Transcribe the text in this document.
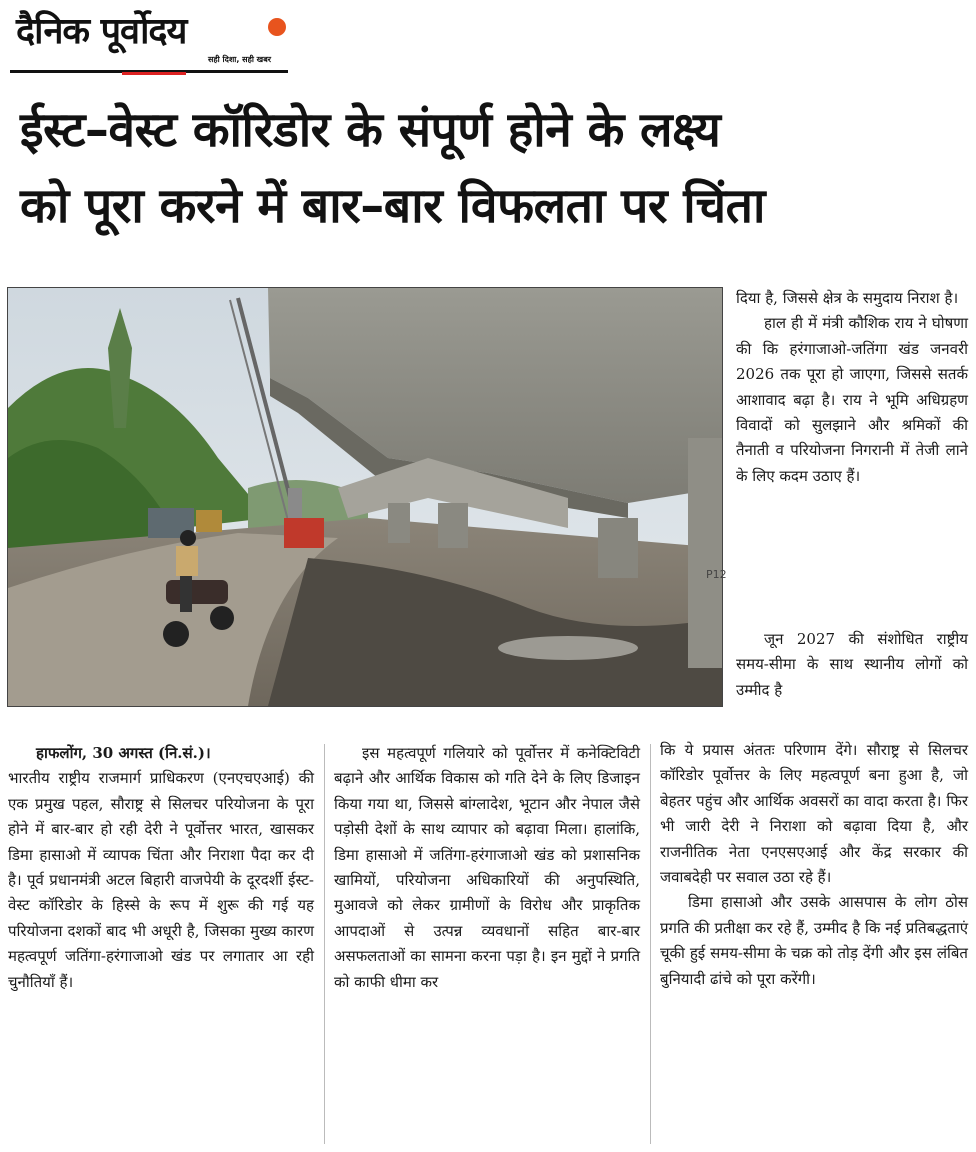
दैनिक पूर्वोदय
सही दिशा, सही खबर
ईस्ट–वेस्ट कॉरिडोर के संपूर्ण होने के लक्ष्य
को पूरा करने में बार–बार विफलता पर चिंता
P12

दिया है, जिससे क्षेत्र के समुदाय निराश है।

हाल ही में मंत्री कौशिक राय ने घोषणा की कि हरंगाजाओ-जतिंगा खंड जनवरी 2026 तक पूरा हो जाएगा, जिससे सतर्क आशावाद बढ़ा है। राय ने भूमि अधिग्रहण विवादों को सुलझाने और श्रमिकों की तैनाती व परियोजना निगरानी में तेजी लाने के लिए कदम उठाए हैं।

जून 2027 की संशोधित राष्ट्रीय समय-सीमा के साथ स्थानीय लोगों को उम्मीद है

हाफलोंग, 30 अगस्त (नि.सं.)।

भारतीय राष्ट्रीय राजमार्ग प्राधिकरण (एनएचएआई) की एक प्रमुख पहल, सौराष्ट्र से सिलचर परियोजना के पूरा होने में बार-बार हो रही देरी ने पूर्वोत्तर भारत, खासकर डिमा हासाओ में व्यापक चिंता और निराशा पैदा कर दी है। पूर्व प्रधानमंत्री अटल बिहारी वाजपेयी के दूरदर्शी ईस्ट-वेस्ट कॉरिडोर के हिस्से के रूप में शुरू की गई यह परियोजना दशकों बाद भी अधूरी है, जिसका मुख्य कारण महत्वपूर्ण जतिंगा-हरंगाजाओ खंड पर लगातार आ रही चुनौतियाँ हैं।

इस महत्वपूर्ण गलियारे को पूर्वोत्तर में कनेक्टिविटी बढ़ाने और आर्थिक विकास को गति देने के लिए डिजाइन किया गया था, जिससे बांग्लादेश, भूटान और नेपाल जैसे पड़ोसी देशों के साथ व्यापार को बढ़ावा मिला। हालांकि, डिमा हासाओ में जतिंगा-हरंगाजाओ खंड को प्रशासनिक खामियों, परियोजना अधिकारियों की अनुपस्थिति, मुआवजे को लेकर ग्रामीणों के विरोध और प्राकृतिक आपदाओं से उत्पन्न व्यवधानों सहित बार-बार असफलताओं का सामना करना पड़ा है। इन मुद्दों ने प्रगति को काफी धीमा कर

कि ये प्रयास अंततः परिणाम देंगे। सौराष्ट्र से सिलचर कॉरिडोर पूर्वोत्तर के लिए महत्वपूर्ण बना हुआ है, जो बेहतर पहुंच और आर्थिक अवसरों का वादा करता है। फिर भी जारी देरी ने निराशा को बढ़ावा दिया है, और राजनीतिक नेता एनएसएआई और केंद्र सरकार की जवाबदेही पर सवाल उठा रहे हैं।

डिमा हासाओ और उसके आसपास के लोग ठोस प्रगति की प्रतीक्षा कर रहे हैं, उम्मीद है कि नई प्रतिबद्धताएं चूकी हुई समय-सीमा के चक्र को तोड़ देंगी और इस लंबित बुनियादी ढांचे को पूरा करेंगी।
